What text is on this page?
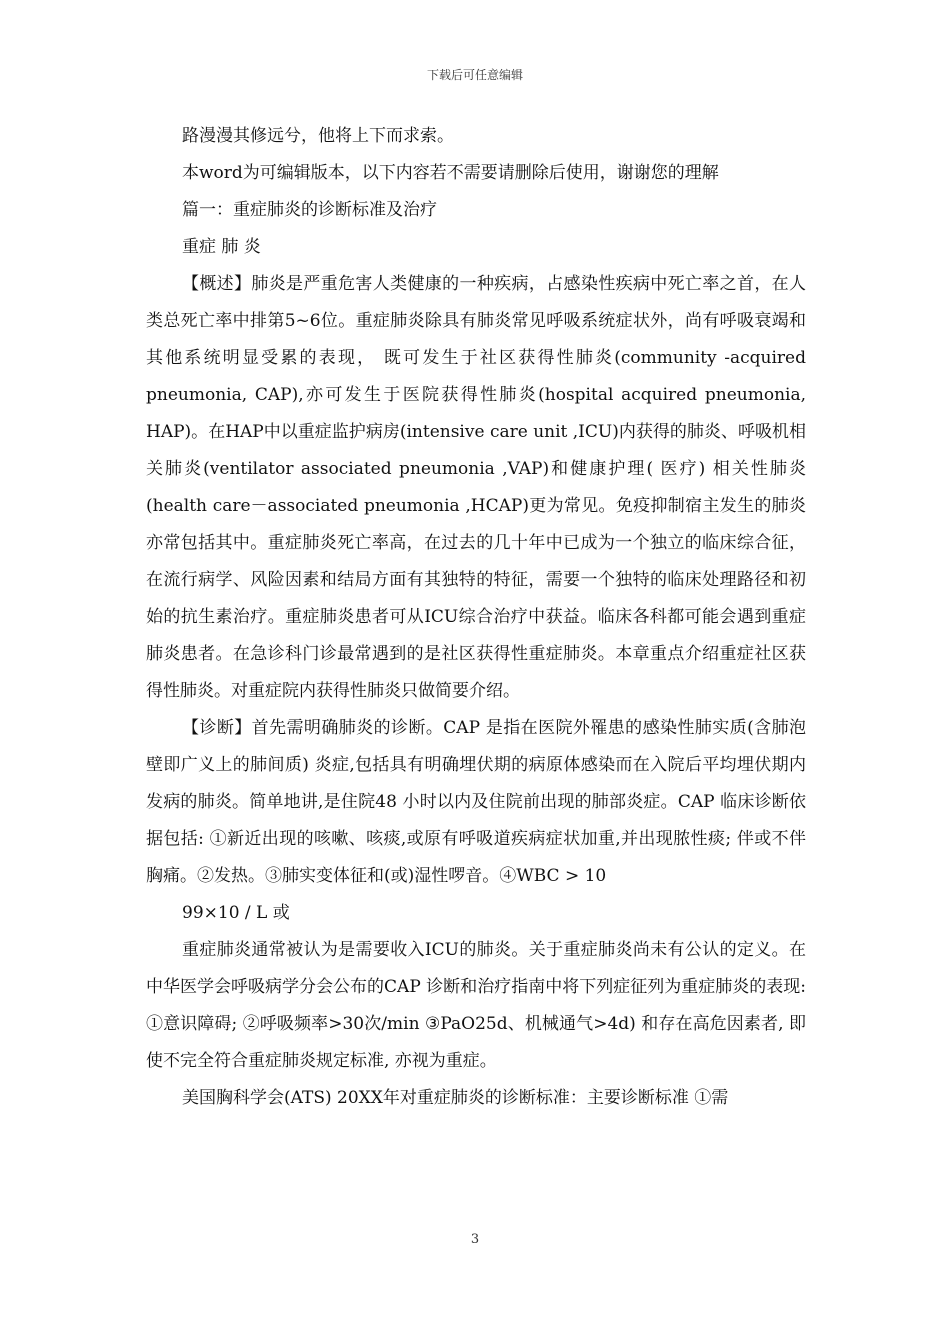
下载后可任意编辑

路漫漫其修远兮，他将上下而求索。

本word为可编辑版本，以下内容若不需要请删除后使用，谢谢您的理解

篇一：重症肺炎的诊断标准及治疗

重症 肺 炎

【概述】肺炎是严重危害人类健康的一种疾病，占感染性疾病中死亡率之首，在人类总死亡率中排第5~6位。重症肺炎除具有肺炎常见呼吸系统症状外，尚有呼吸衰竭和其他系统明显受累的表现， 既可发生于社区获得性肺炎(community -acquired pneumonia, CAP),亦可发生于医院获得性肺炎(hospital acquired pneumonia, HAP)。在HAP中以重症监护病房(intensive care unit ,ICU)内获得的肺炎、呼吸机相关肺炎(ventilator associated pneumonia ,VAP)和健康护理( 医疗) 相关性肺炎(health care－associated pneumonia ,HCAP)更为常见。免疫抑制宿主发生的肺炎亦常包括其中。重症肺炎死亡率高，在过去的几十年中已成为一个独立的临床综合征，在流行病学、风险因素和结局方面有其独特的特征，需要一个独特的临床处理路径和初始的抗生素治疗。重症肺炎患者可从ICU综合治疗中获益。临床各科都可能会遇到重症肺炎患者。在急诊科门诊最常遇到的是社区获得性重症肺炎。本章重点介绍重症社区获得性肺炎。对重症院内获得性肺炎只做简要介绍。

【诊断】首先需明确肺炎的诊断。CAP 是指在医院外罹患的感染性肺实质(含肺泡壁即广义上的肺间质) 炎症,包括具有明确埋伏期的病原体感染而在入院后平均埋伏期内发病的肺炎。简单地讲,是住院48 小时以内及住院前出现的肺部炎症。CAP 临床诊断依据包括: ①新近出现的咳嗽、咳痰,或原有呼吸道疾病症状加重,并出现脓性痰; 伴或不伴胸痛。②发热。③肺实变体征和(或)湿性啰音。④WBC > 10

99×10 / L 或

重症肺炎通常被认为是需要收入ICU的肺炎。关于重症肺炎尚未有公认的定义。在中华医学会呼吸病学分会公布的CAP 诊断和治疗指南中将下列症征列为重症肺炎的表现: ①意识障碍; ②呼吸频率>30次/min ③PaO25d、机械通气>4d) 和存在高危因素者, 即使不完全符合重症肺炎规定标准, 亦视为重症。

美国胸科学会(ATS) 20XX年对重症肺炎的诊断标准：主要诊断标准 ①需

3
